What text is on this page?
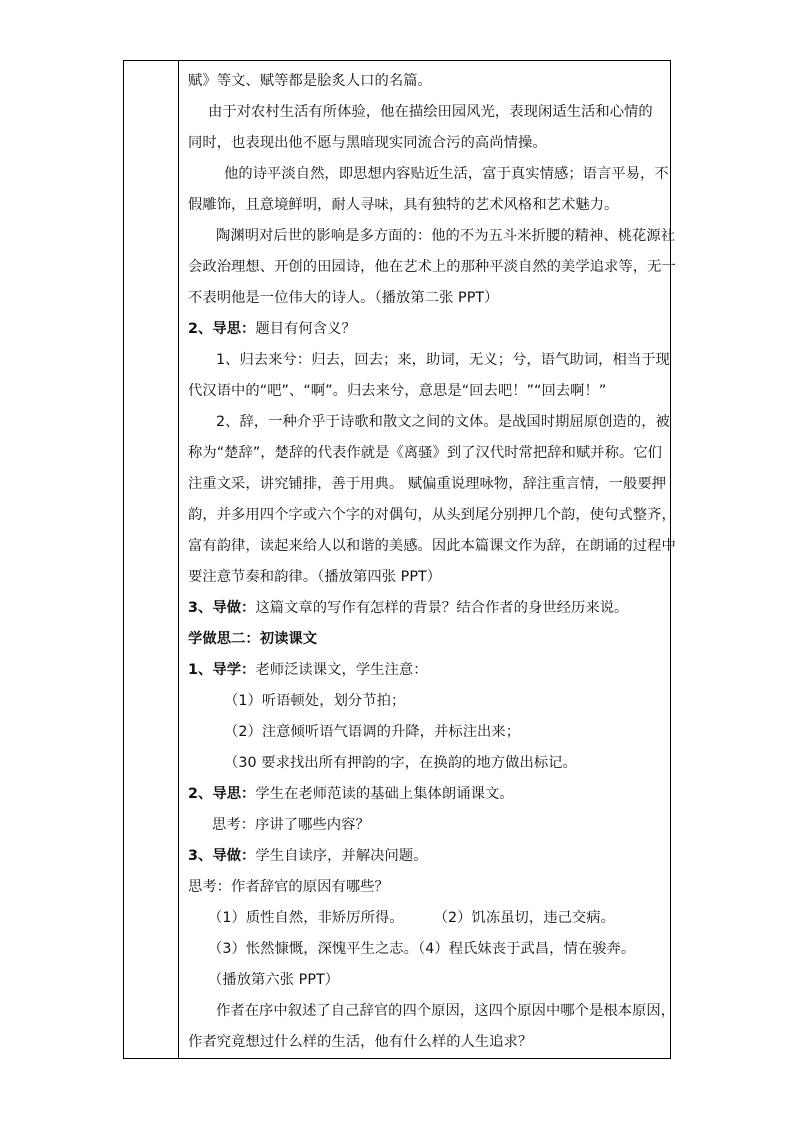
赋》等文、赋等都是脍炙人口的名篇。
由于对农村生活有所体验，他在描绘田园风光，表现闲适生活和心情的
同时，也表现出他不愿与黑暗现实同流合污的高尚情操。
他的诗平淡自然，即思想内容贴近生活，富于真实情感；语言平易，不
假雕饰，且意境鲜明，耐人寻味，具有独特的艺术风格和艺术魅力。
陶渊明对后世的影响是多方面的：他的不为五斗米折腰的精神、桃花源社
会政治理想、开创的田园诗，他在艺术上的那种平淡自然的美学追求等，无一
不表明他是一位伟大的诗人。（播放第二张 PPT）
2、导思：题目有何含义？
1、归去来兮：归去，回去；来，助词，无义；兮，语气助词，相当于现
代汉语中的“吧”、“啊”。归去来兮，意思是“回去吧！”“回去啊！”
2、辞，一种介乎于诗歌和散文之间的文体。是战国时期屈原创造的，被
称为“楚辞”，楚辞的代表作就是《离骚》到了汉代时常把辞和赋并称。它们
注重文采，讲究铺排，善于用典。 赋偏重说理咏物，辞注重言情，一般要押
韵，并多用四个字或六个字的对偶句，从头到尾分别押几个韵，使句式整齐，
富有韵律，读起来给人以和谐的美感。因此本篇课文作为辞，在朗诵的过程中
要注意节奏和韵律。（播放第四张 PPT）
3、导做：这篇文章的写作有怎样的背景？结合作者的身世经历来说。
学做思二：初读课文
1、导学：老师泛读课文，学生注意：
（1）听语顿处，划分节拍；
（2）注意倾听语气语调的升降，并标注出来；
（30 要求找出所有押韵的字，在换韵的地方做出标记。
2、导思：学生在老师范读的基础上集体朗诵课文。
思考：序讲了哪些内容？
3、导做：学生自读序，并解决问题。
思考：作者辞官的原因有哪些？
（1）质性自然，非矫厉所得。 （2）饥冻虽切，违己交病。
（3）怅然慷慨，深愧平生之志。（4）程氏妹丧于武昌，情在骏奔。
（播放第六张 PPT）
作者在序中叙述了自己辞官的四个原因，这四个原因中哪个是根本原因，
作者究竟想过什么样的生活，他有什么样的人生追求？
